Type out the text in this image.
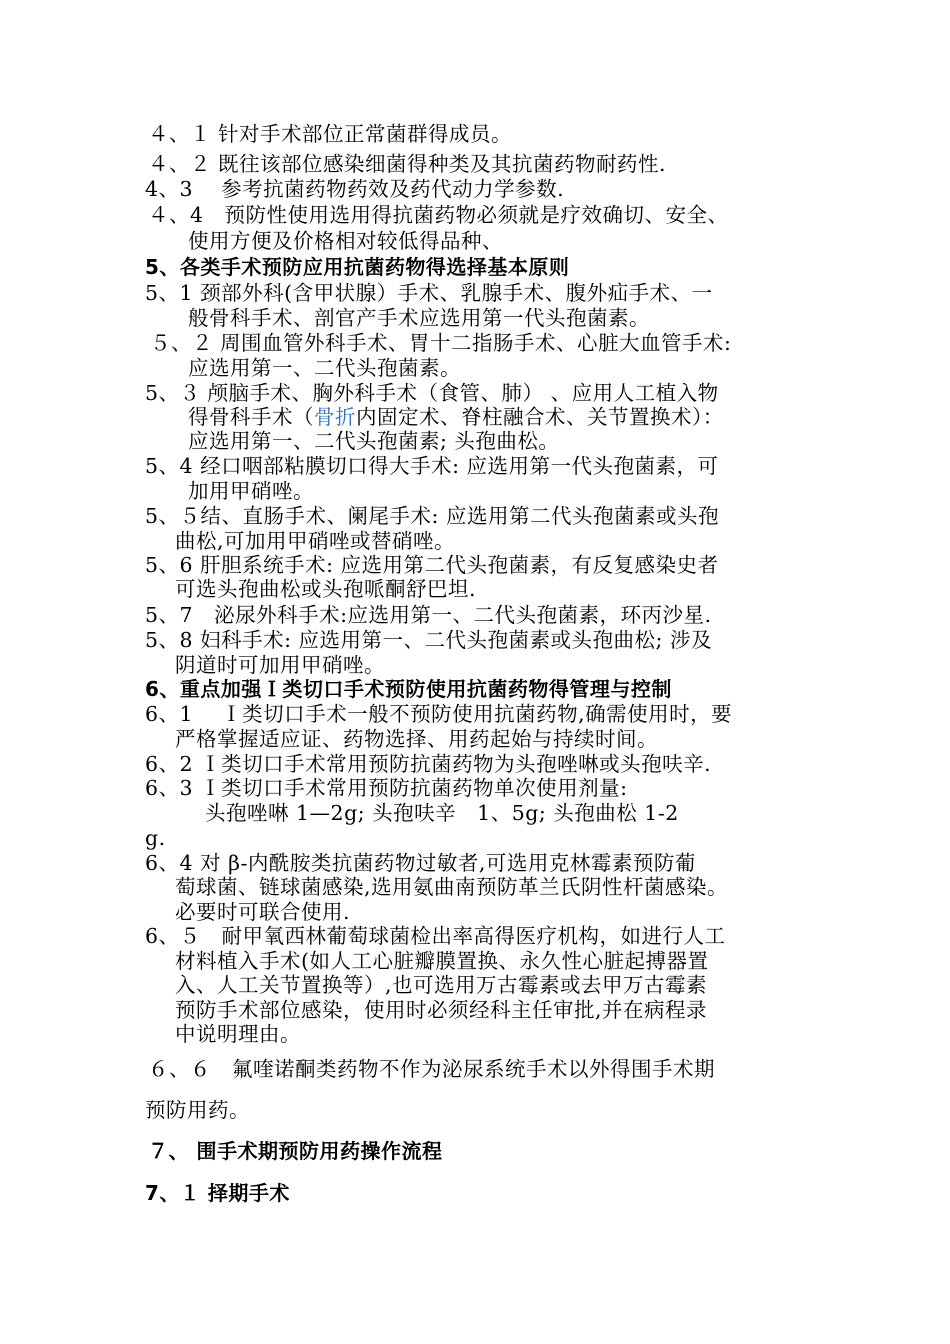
４、１ 针对手术部位正常菌群得成员。
４、２ 既往该部位感染细菌得种类及其抗菌药物耐药性.
4、3　 参考抗菌药物药效及药代动力学参数.
４、4　预防性使用选用得抗菌药物必须就是疗效确切、安全、
使用方便及价格相对较低得品种、
5、各类手术预防应用抗菌药物得选择基本原则
5、1 颈部外科(含甲状腺）手术、乳腺手术、腹外疝手术、一
般骨科手术、剖官产手术应选用第一代头孢菌素。
５、２ 周围血管外科手术、胃十二指肠手术、心脏大血管手术:
应选用第一、二代头孢菌素。
5、３ 颅脑手术、胸外科手术（食管、肺） 、应用人工植入物
得骨科手术（骨折内固定术、脊柱融合术、关节置换术）：
应选用第一、二代头孢菌素; 头孢曲松。
5、4 经口咽部粘膜切口得大手术: 应选用第一代头孢菌素，可
加用甲硝唑。
5、５结、直肠手术、阑尾手术: 应选用第二代头孢菌素或头孢
曲松,可加用甲硝唑或替硝唑。
5、6 肝胆系统手术: 应选用第二代头孢菌素，有反复感染史者
可选头孢曲松或头孢哌酮舒巴坦.
5、7　泌尿外科手术:应选用第一、二代头孢菌素，环丙沙星.
5、8 妇科手术: 应选用第一、二代头孢菌素或头孢曲松; 涉及
阴道时可加用甲硝唑。
6、重点加强Ｉ类切口手术预防使用抗菌药物得管理与控制
6、1　 Ｉ类切口手术一般不预防使用抗菌药物,确需使用时，要
严格掌握适应证、药物选择、用药起始与持续时间。
6、2 Ｉ类切口手术常用预防抗菌药物为头孢唑啉或头孢呋辛.
6、3 Ｉ类切口手术常用预防抗菌药物单次使用剂量:
头孢唑啉 1—2g; 头孢呋辛　1、5g; 头孢曲松 1-2
g.
6、4 对 β-内酰胺类抗菌药物过敏者,可选用克林霉素预防葡
萄球菌、链球菌感染,选用氨曲南预防革兰氏阴性杆菌感染。
必要时可联合使用.
6、５　耐甲氧西林葡萄球菌检出率高得医疗机构，如进行人工
材料植入手术(如人工心脏瓣膜置换、永久性心脏起搏器置
入、人工关节置换等）,也可选用万古霉素或去甲万古霉素
预防手术部位感染，使用时必须经科主任审批,并在病程录
中说明理由。
６、６　氟喹诺酮类药物不作为泌尿系统手术以外得围手术期
预防用药。
７、 围手术期预防用药操作流程
7、１ 择期手术
